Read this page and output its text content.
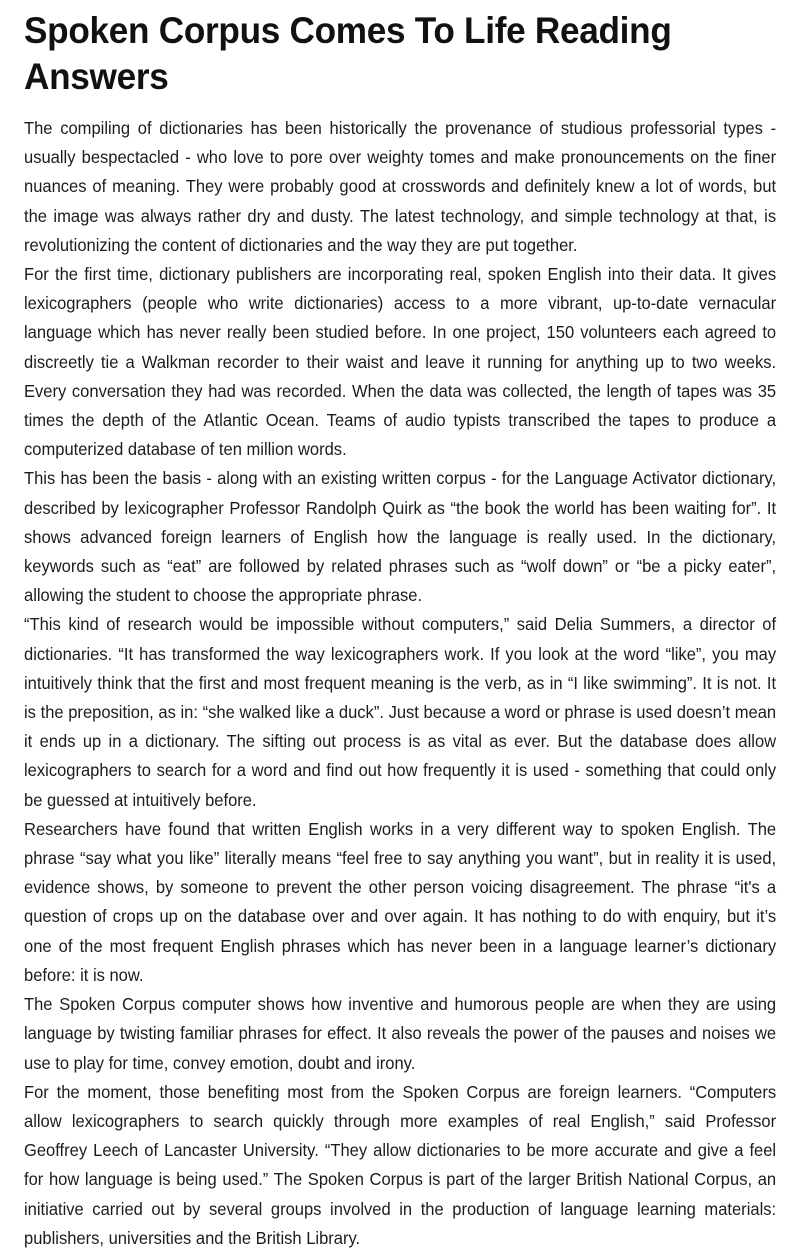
Spoken Corpus Comes To Life Reading Answers

The compiling of dictionaries has been historically the provenance of studious professorial types - usually bespectacled - who love to pore over weighty tomes and make pronouncements on the finer nuances of meaning. They were probably good at crosswords and definitely knew a lot of words, but the image was always rather dry and dusty. The latest technology, and simple technology at that, is revolutionizing the content of dictionaries and the way they are put together.

For the first time, dictionary publishers are incorporating real, spoken English into their data. It gives lexicographers (people who write dictionaries) access to a more vibrant, up-to-date vernacular language which has never really been studied before. In one project, 150 volunteers each agreed to discreetly tie a Walkman recorder to their waist and leave it running for anything up to two weeks. Every conversation they had was recorded. When the data was collected, the length of tapes was 35 times the depth of the Atlantic Ocean. Teams of audio typists transcribed the tapes to produce a computerized database of ten million words.

This has been the basis - along with an existing written corpus - for the Language Activator dictionary, described by lexicographer Professor Randolph Quirk as “the book the world has been waiting for”. It shows advanced foreign learners of English how the language is really used. In the dictionary, keywords such as “eat” are followed by related phrases such as “wolf down” or “be a picky eater”, allowing the student to choose the appropriate phrase.

“This kind of research would be impossible without computers,” said Delia Summers, a director of dictionaries. “It has transformed the way lexicographers work. If you look at the word “like”, you may intuitively think that the first and most frequent meaning is the verb, as in “I like swimming”. It is not. It is the preposition, as in: “she walked like a duck”. Just because a word or phrase is used doesn’t mean it ends up in a dictionary. The sifting out process is as vital as ever. But the database does allow lexicographers to search for a word and find out how frequently it is used - something that could only be guessed at intuitively before.

Researchers have found that written English works in a very different way to spoken English. The phrase “say what you like” literally means “feel free to say anything you want”, but in reality it is used, evidence shows, by someone to prevent the other person voicing disagreement. The phrase “it's a question of crops up on the database over and over again. It has nothing to do with enquiry, but it’s one of the most frequent English phrases which has never been in a language learner’s dictionary before: it is now.

The Spoken Corpus computer shows how inventive and humorous people are when they are using language by twisting familiar phrases for effect. It also reveals the power of the pauses and noises we use to play for time, convey emotion, doubt and irony.

For the moment, those benefiting most from the Spoken Corpus are foreign learners. “Computers allow lexicographers to search quickly through more examples of real English,” said Professor Geoffrey Leech of Lancaster University. “They allow dictionaries to be more accurate and give a feel for how language is being used.” The Spoken Corpus is part of the larger British National Corpus, an initiative carried out by several groups involved in the production of language learning materials: publishers, universities and the British Library.
